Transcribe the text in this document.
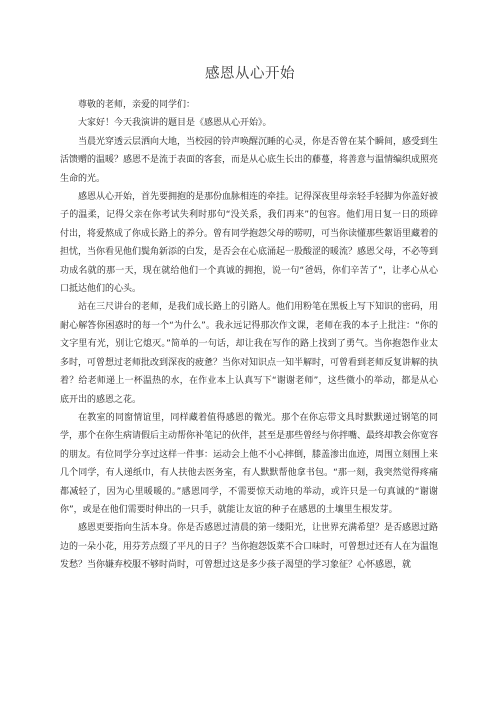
感恩从心开始

尊敬的老师，亲爱的同学们：

大家好！今天我演讲的题目是《感恩从心开始》。

当晨光穿透云层洒向大地，当校园的铃声唤醒沉睡的心灵，你是否曾在某个瞬间，感受到生活馈赠的温暖？感恩不是流于表面的客套，而是从心底生长出的藤蔓，将善意与温情编织成照亮生命的光。

感恩从心开始，首先要拥抱的是那份血脉相连的牵挂。记得深夜里母亲轻手轻脚为你盖好被子的温柔，记得父亲在你考试失利时那句“没关系，我们再来”的包容。他们用日复一日的琐碎付出，将爱熬成了你成长路上的养分。曾有同学抱怨父母的唠叨，可当你读懂那些絮语里藏着的担忧，当你看见他们鬓角新添的白发，是否会在心底涌起一股酸涩的暖流？感恩父母，不必等到功成名就的那一天，现在就给他们一个真诚的拥抱，说一句“爸妈，你们辛苦了”，让孝心从心口抵达他们的心头。

站在三尺讲台的老师，是我们成长路上的引路人。他们用粉笔在黑板上写下知识的密码，用耐心解答你困惑时的每一个“为什么”。我永远记得那次作文课，老师在我的本子上批注：“你的文字里有光，别让它熄灭。”简单的一句话，却让我在写作的路上找到了勇气。当你抱怨作业太多时，可曾想过老师批改到深夜的疲惫？当你对知识点一知半解时，可曾看到老师反复讲解的执着？给老师递上一杯温热的水，在作业本上认真写下“谢谢老师”，这些微小的举动，都是从心底开出的感恩之花。

在教室的同窗情谊里，同样藏着值得感恩的微光。那个在你忘带文具时默默递过钢笔的同学，那个在你生病请假后主动帮你补笔记的伙伴，甚至是那些曾经与你拌嘴、最终却教会你宽容的朋友。有位同学分享过这样一件事：运动会上他不小心摔倒，膝盖渗出血迹，周围立刻围上来几个同学，有人递纸巾，有人扶他去医务室，有人默默帮他拿书包。“那一刻，我突然觉得疼痛都减轻了，因为心里暖暖的。”感恩同学，不需要惊天动地的举动，或许只是一句真诚的“谢谢你”，或是在他们需要时伸出的一只手，就能让友谊的种子在感恩的土壤里生根发芽。

感恩更要指向生活本身。你是否感恩过清晨的第一缕阳光，让世界充满希望？是否感恩过路边的一朵小花，用芬芳点缀了平凡的日子？当你抱怨饭菜不合口味时，可曾想过还有人在为温饱发愁？当你嫌弃校服不够时尚时，可曾想过这是多少孩子渴望的学习象征？心怀感恩，就
